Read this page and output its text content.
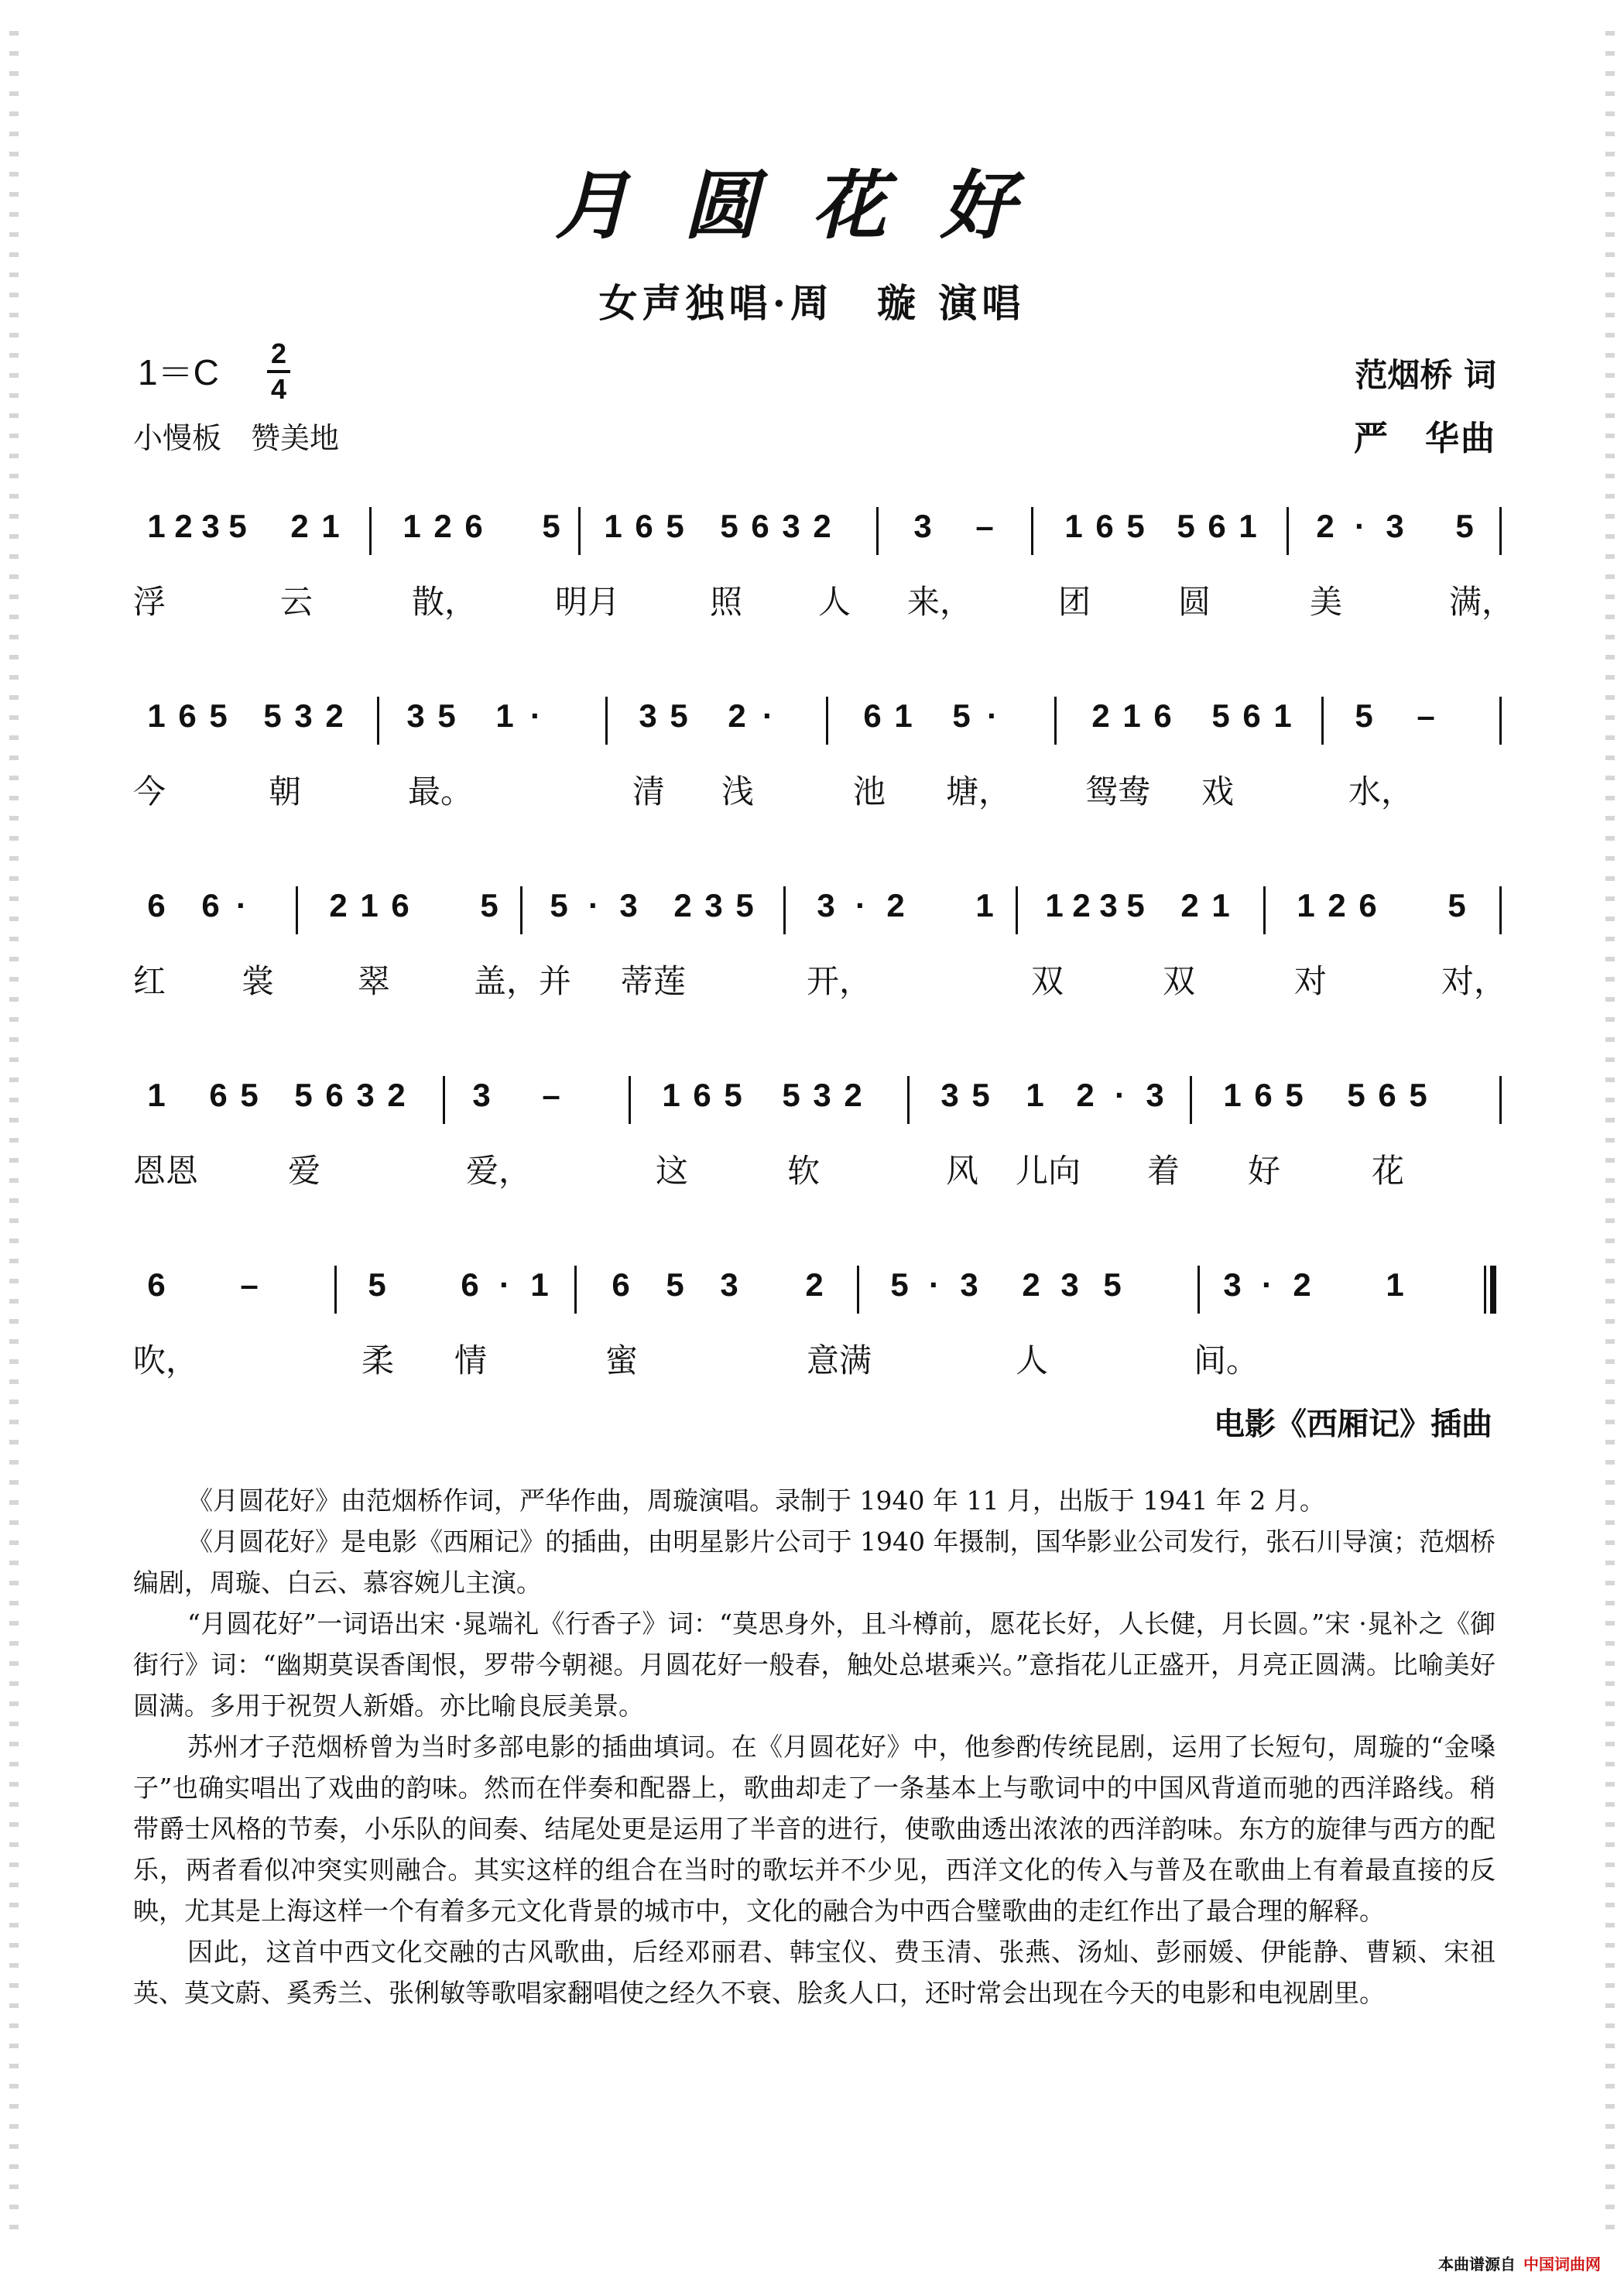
月圆花好
女声独唱·周　璇 演唱
1＝C 2
4
小慢板　赞美地
范烟桥 词
严　华曲
1 2 3 5 2 1 1 2 6 5 1 6 5 5 6 3 2	3 – 1 6 5 5 6 1 2 · 3 5
浮	云	散， 明月	照 人 来，	团	圆	美	满，
1 6 5 5 3 2 3 5 1 ·	3 5 2 ·	6 1 5 ·	2 1 6 5 6 1 5 –
今	朝	最。	清 浅	池 塘， 鸳鸯 戏	水，
6 6 ·	2 1 6 5 5 · 3 2 3 5 3 · 2 1 1 2 3 5 2 1 1 2 6 5
红 裳	翠	盖，并 蒂莲	开，	双	双	对	对，
1 6 5 5 6 3 2 3 –	1 6 5 5 3 2 3 5 1 2 · 3 1 6 5 5 6 5
恩恩	爱	爱，	这	软	风 儿向 着 好	花
6 –	5 6 · 1 6 5 3 2 5 · 3 2 3 5	3 · 2 1
吹，	柔 情	蜜	意满	人	间。
电影《西厢记》插曲

《月圆花好》由范烟桥作词，严华作曲，周璇演唱。录制于 1940 年 11 月，出版于 1941 年 2 月。

《月圆花好》是电影《西厢记》的插曲，由明星影片公司于 1940 年摄制，国华影业公司发行，张石川导演；范烟桥编剧，周璇、白云、慕容婉儿主演。

“月圆花好”一词语出宋 ·晁端礼《行香子》词：“莫思身外，且斗樽前，愿花长好，人长健，月长圆。”宋 ·晁补之《御街行》词：“幽期莫误香闺恨，罗带今朝褪。月圆花好一般春，触处总堪乘兴。”意指花儿正盛开，月亮正圆满。比喻美好圆满。多用于祝贺人新婚。亦比喻良辰美景。

苏州才子范烟桥曾为当时多部电影的插曲填词。在《月圆花好》中，他参酌传统昆剧，运用了长短句，周璇的“金嗓子”也确实唱出了戏曲的韵味。然而在伴奏和配器上，歌曲却走了一条基本上与歌词中的中国风背道而驰的西洋路线。稍带爵士风格的节奏，小乐队的间奏、结尾处更是运用了半音的进行，使歌曲透出浓浓的西洋韵味。东方的旋律与西方的配乐，两者看似冲突实则融合。其实这样的组合在当时的歌坛并不少见，西洋文化的传入与普及在歌曲上有着最直接的反映，尤其是上海这样一个有着多元文化背景的城市中，文化的融合为中西合璧歌曲的走红作出了最合理的解释。

因此，这首中西文化交融的古风歌曲，后经邓丽君、韩宝仪、费玉清、张燕、汤灿、彭丽媛、伊能静、曹颖、宋祖英、莫文蔚、奚秀兰、张俐敏等歌唱家翻唱使之经久不衰、脍炙人口，还时常会出现在今天的电影和电视剧里。

本曲谱源自 中国词曲网
